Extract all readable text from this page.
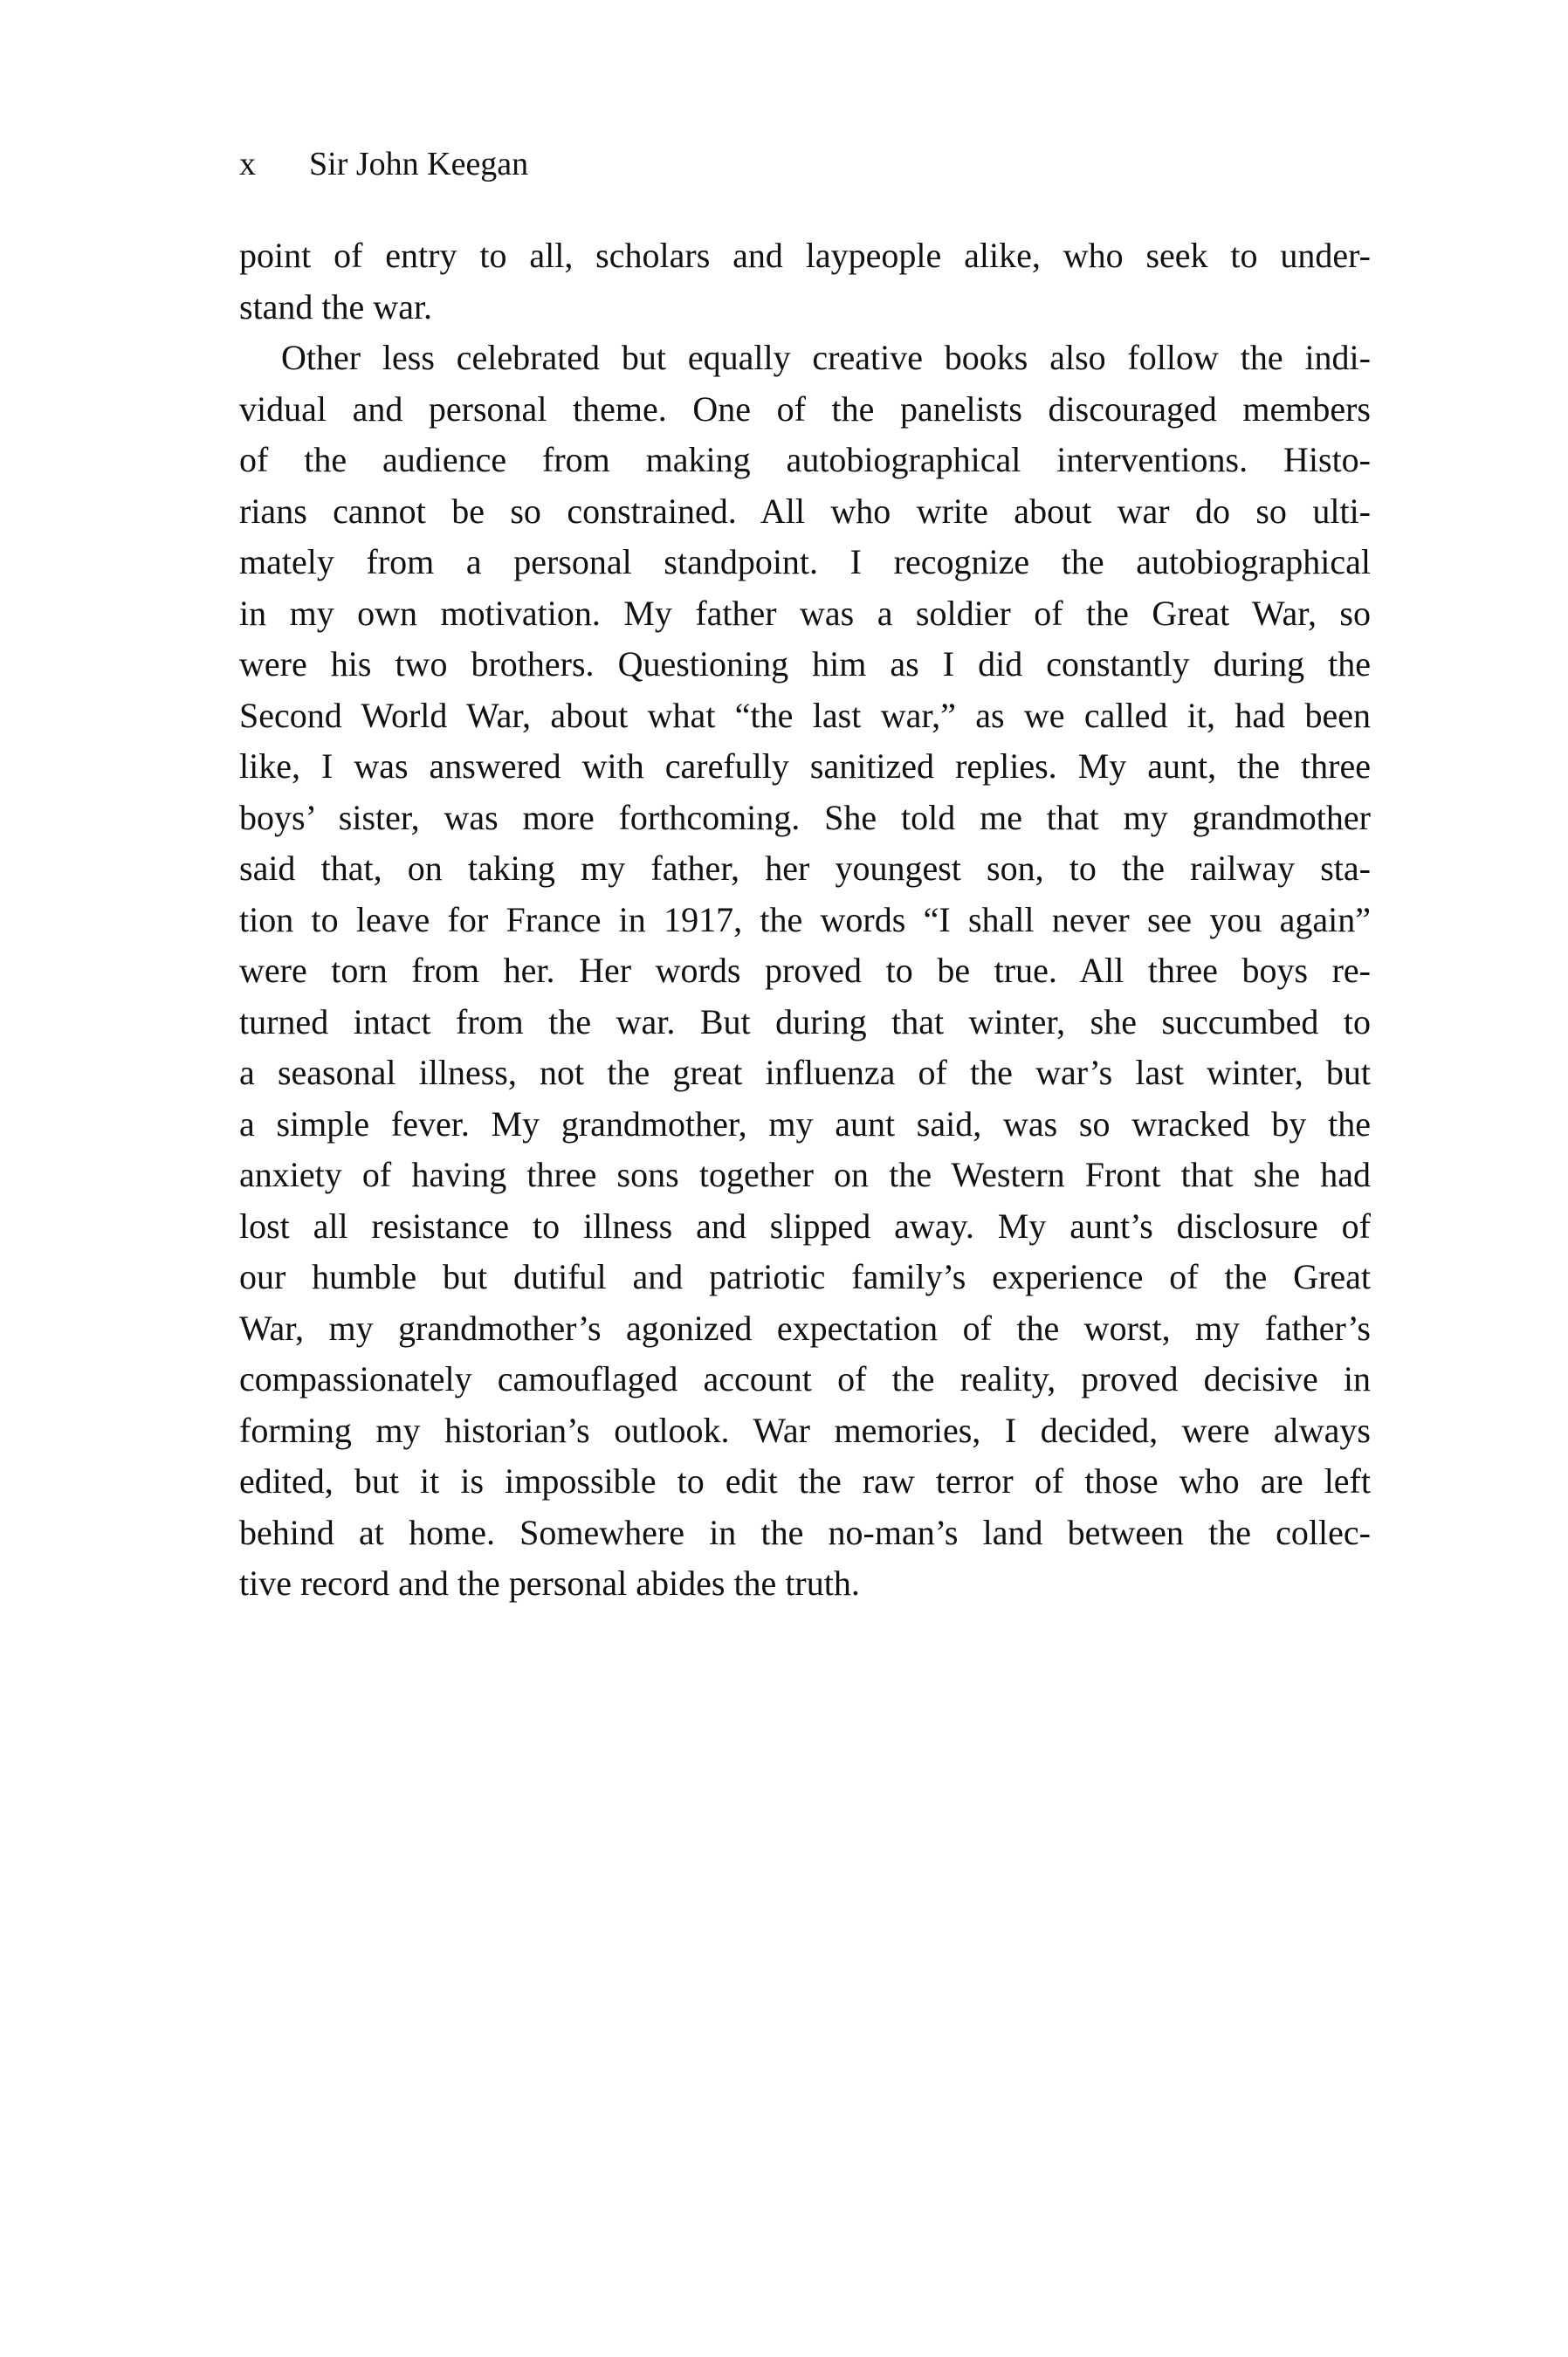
x Sir John Keegan
point of entry to all, scholars and laypeople alike, who seek to under-
stand the war.
Other less celebrated but equally creative books also follow the indi-
vidual and personal theme. One of the panelists discouraged members
of the audience from making autobiographical interventions. Histo-
rians cannot be so constrained. All who write about war do so ulti-
mately from a personal standpoint. I recognize the autobiographical
in my own motivation. My father was a soldier of the Great War, so
were his two brothers. Questioning him as I did constantly during the
Second World War, about what “the last war,” as we called it, had been
like, I was answered with carefully sanitized replies. My aunt, the three
boys’ sister, was more forthcoming. She told me that my grandmother
said that, on taking my father, her youngest son, to the railway sta-
tion to leave for France in 1917, the words “I shall never see you again”
were torn from her. Her words proved to be true. All three boys re-
turned intact from the war. But during that winter, she succumbed to
a seasonal illness, not the great influenza of the war’s last winter, but
a simple fever. My grandmother, my aunt said, was so wracked by the
anxiety of having three sons together on the Western Front that she had
lost all resistance to illness and slipped away. My aunt’s disclosure of
our humble but dutiful and patriotic family’s experience of the Great
War, my grandmother’s agonized expectation of the worst, my father’s
compassionately camouflaged account of the reality, proved decisive in
forming my historian’s outlook. War memories, I decided, were always
edited, but it is impossible to edit the raw terror of those who are left
behind at home. Somewhere in the no-man’s land between the collec-
tive record and the personal abides the truth.
